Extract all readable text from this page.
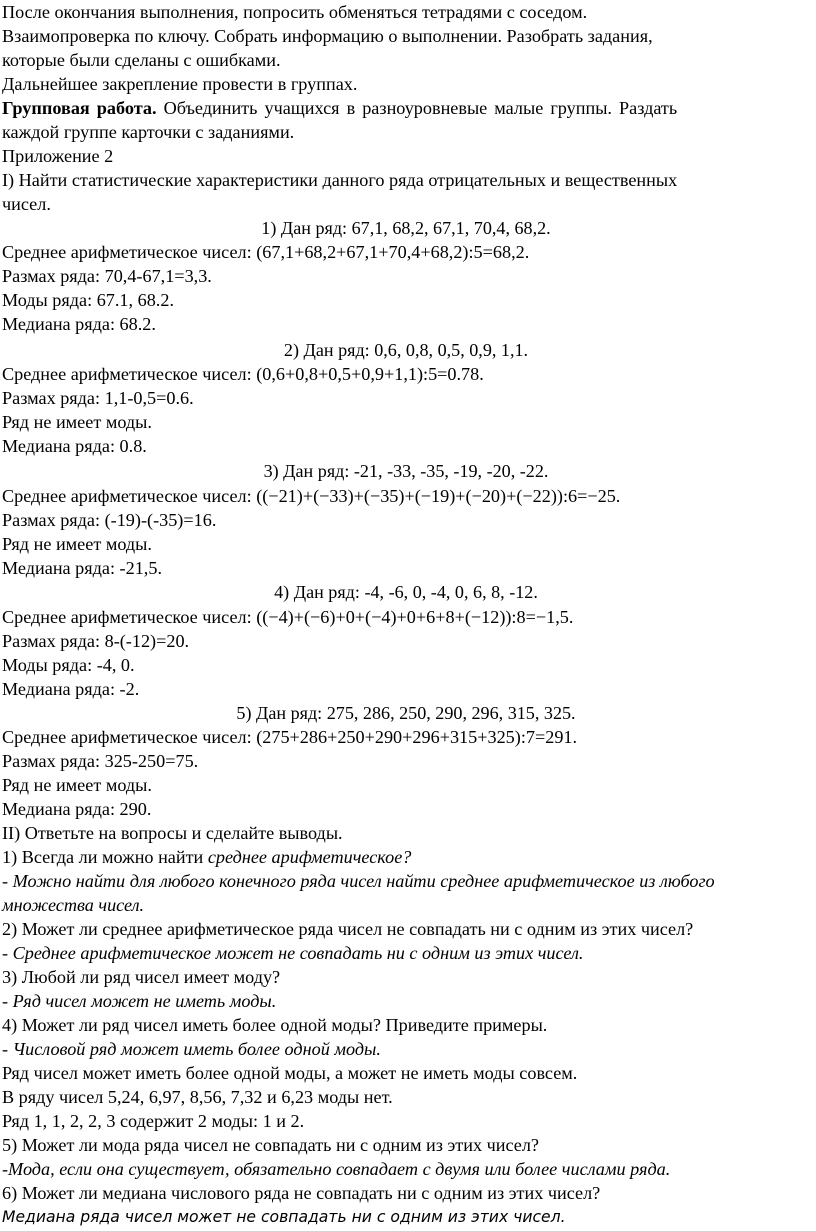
После окончания выполнения, попросить обменяться тетрадями с соседом.
Взаимопроверка по ключу. Собрать информацию о выполнении. Разобрать задания,
которые были сделаны с ошибками.
Дальнейшее закрепление провести в группах.
Групповая работа. Объединить учащихся в разноуровневые малые группы. Раздать
каждой группе карточки с заданиями.
Приложение 2
I) Найти статистические характеристики данного ряда отрицательных и вещественных
чисел.
1) Дан ряд: 67,1, 68,2, 67,1, 70,4, 68,2.
Среднее арифметическое чисел: (67,1+68,2+67,1+70,4+68,2):5=68,2.
Размах ряда: 70,4-67,1=3,3.
Моды ряда: 67.1, 68.2.
Медиана ряда: 68.2.
2) Дан ряд: 0,6, 0,8, 0,5, 0,9, 1,1.
Среднее арифметическое чисел: (0,6+0,8+0,5+0,9+1,1):5=0.78.
Размах ряда: 1,1-0,5=0.6.
Ряд не имеет моды.
Медиана ряда: 0.8.
3) Дан ряд: -21, -33, -35, -19, -20, -22.
Среднее арифметическое чисел: ((−21)+(−33)+(−35)+(−19)+(−20)+(−22)):6=−25.
Размах ряда: (-19)-(-35)=16.
Ряд не имеет моды.
Медиана ряда: -21,5.
4) Дан ряд: -4, -6, 0, -4, 0, 6, 8, -12.
Среднее арифметическое чисел: ((−4)+(−6)+0+(−4)+0+6+8+(−12)):8=−1,5.
Размах ряда: 8-(-12)=20.
Моды ряда: -4, 0.
Медиана ряда: -2.
5) Дан ряд: 275, 286, 250, 290, 296, 315, 325.
Среднее арифметическое чисел: (275+286+250+290+296+315+325):7=291.
Размах ряда: 325-250=75.
Ряд не имеет моды.
Медиана ряда: 290.
II) Ответьте на вопросы и сделайте выводы.
1) Всегда ли можно найти среднее арифметическое?
- Можно найти для любого конечного ряда чисел найти среднее арифметическое из любого
множества чисел.
2) Может ли среднее арифметическое ряда чисел не совпадать ни с одним из этих чисел?
- Среднее арифметическое может не совпадать ни с одним из этих чисел.
3) Любой ли ряд чисел имеет моду?
- Ряд чисел может не иметь моды.
4) Может ли ряд чисел иметь более одной моды? Приведите примеры.
- Числовой ряд может иметь более одной моды.
Ряд чисел может иметь более одной моды, а может не иметь моды совсем.
В ряду чисел 5,24, 6,97, 8,56, 7,32 и 6,23 моды нет.
Ряд 1, 1, 2, 2, 3 содержит 2 моды: 1 и 2.
5) Может ли мода ряда чисел не совпадать ни с одним из этих чисел?
-Мода, если она существует, обязательно совпадает с двумя или более числами ряда.
6) Может ли медиана числового ряда не совпадать ни с одним из этих чисел?
Медиана ряда чисел может не совпадать ни с одним из этих чисел.
